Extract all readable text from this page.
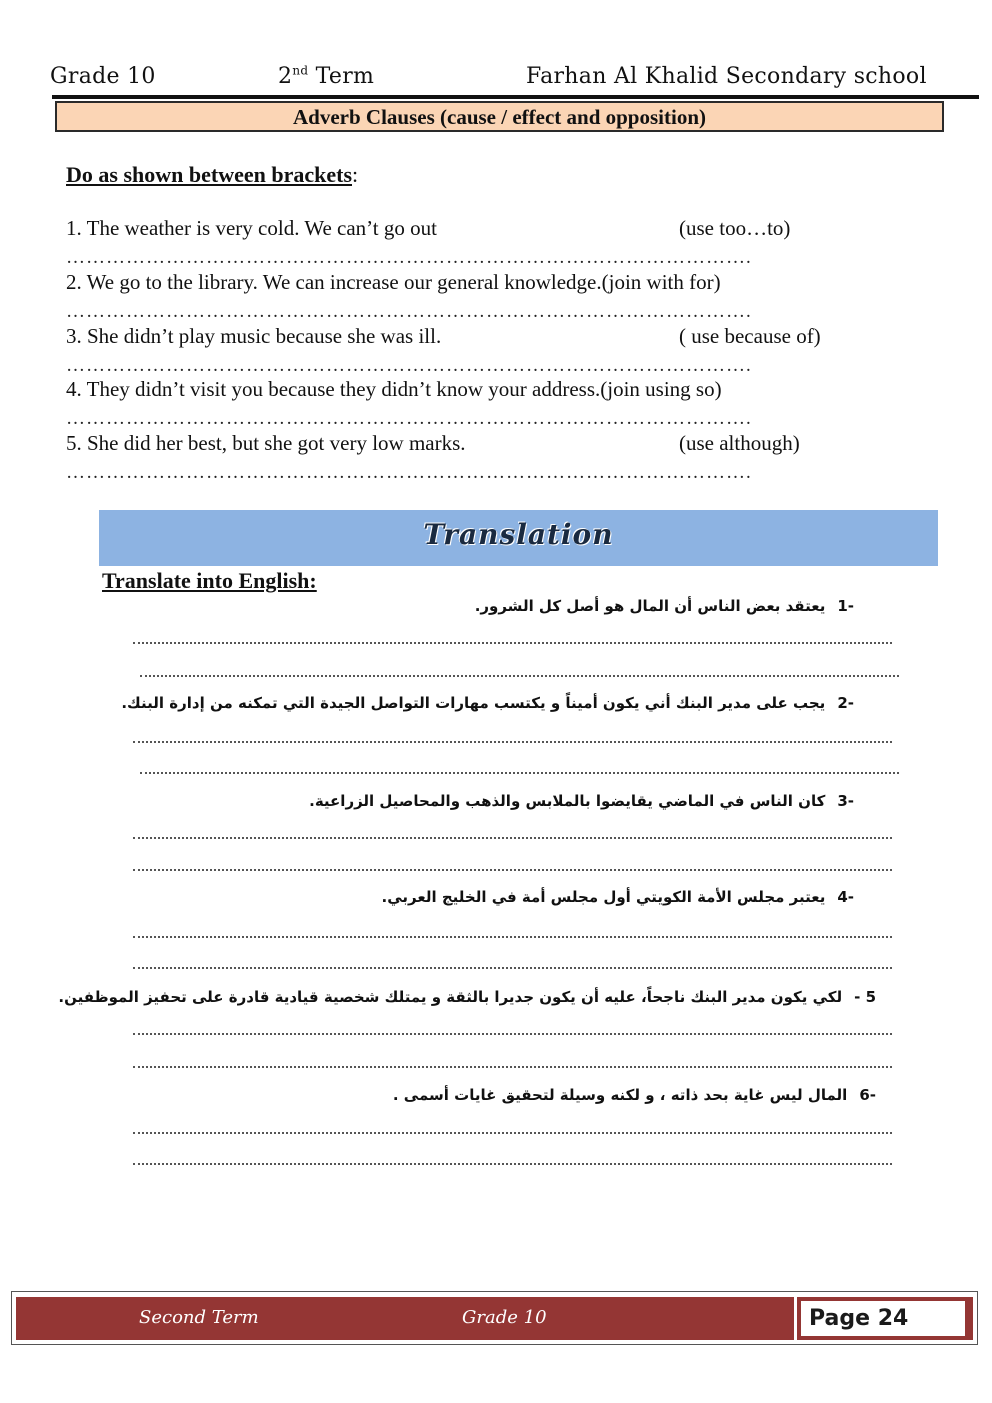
Grade 10	2nd Term	Farhan Al Khalid Secondary school
Adverb Clauses (cause / effect and opposition)
Do as shown between brackets:
1. The weather is very cold. We can’t go out	(use too…to)
………………………………………………………………………………………….
2. We go to the library. We can increase our general knowledge.(join with for)
………………………………………………………………………………………….
3. She didn’t play music because she was ill.	( use because of)
………………………………………………………………………………………….
4. They didn’t visit you because they didn’t know your address.(join using so)
………………………………………………………………………………………….
5. She did her best, but she got very low marks.	(use although)
………………………………………………………………………………………….
Translation
Translate into English:
-1يعتقد بعض الناس أن المال هو أصل كل الشرور.
-2يجب على مدير البنك أني يكون أميناً و يكتسب مهارات التواصل الجيدة التي تمكنه من إدارة البنك.
-3كان الناس في الماضي يقايضوا بالملابس والذهب والمحاصيل الزراعية.
-4يعتبر مجلس الأمة الكويتي أول مجلس أمة في الخليج العربي.
5 -لكي يكون مدير البنك ناجحاً، عليه أن يكون جديرا بالثقة و يمتلك شخصية قيادية قادرة على تحفيز الموظفين.
-6المال ليس غاية بحد ذاته ، و لكنه وسيلة لتحقيق غايات أسمى .
Second Term	Grade 10	Page 24
